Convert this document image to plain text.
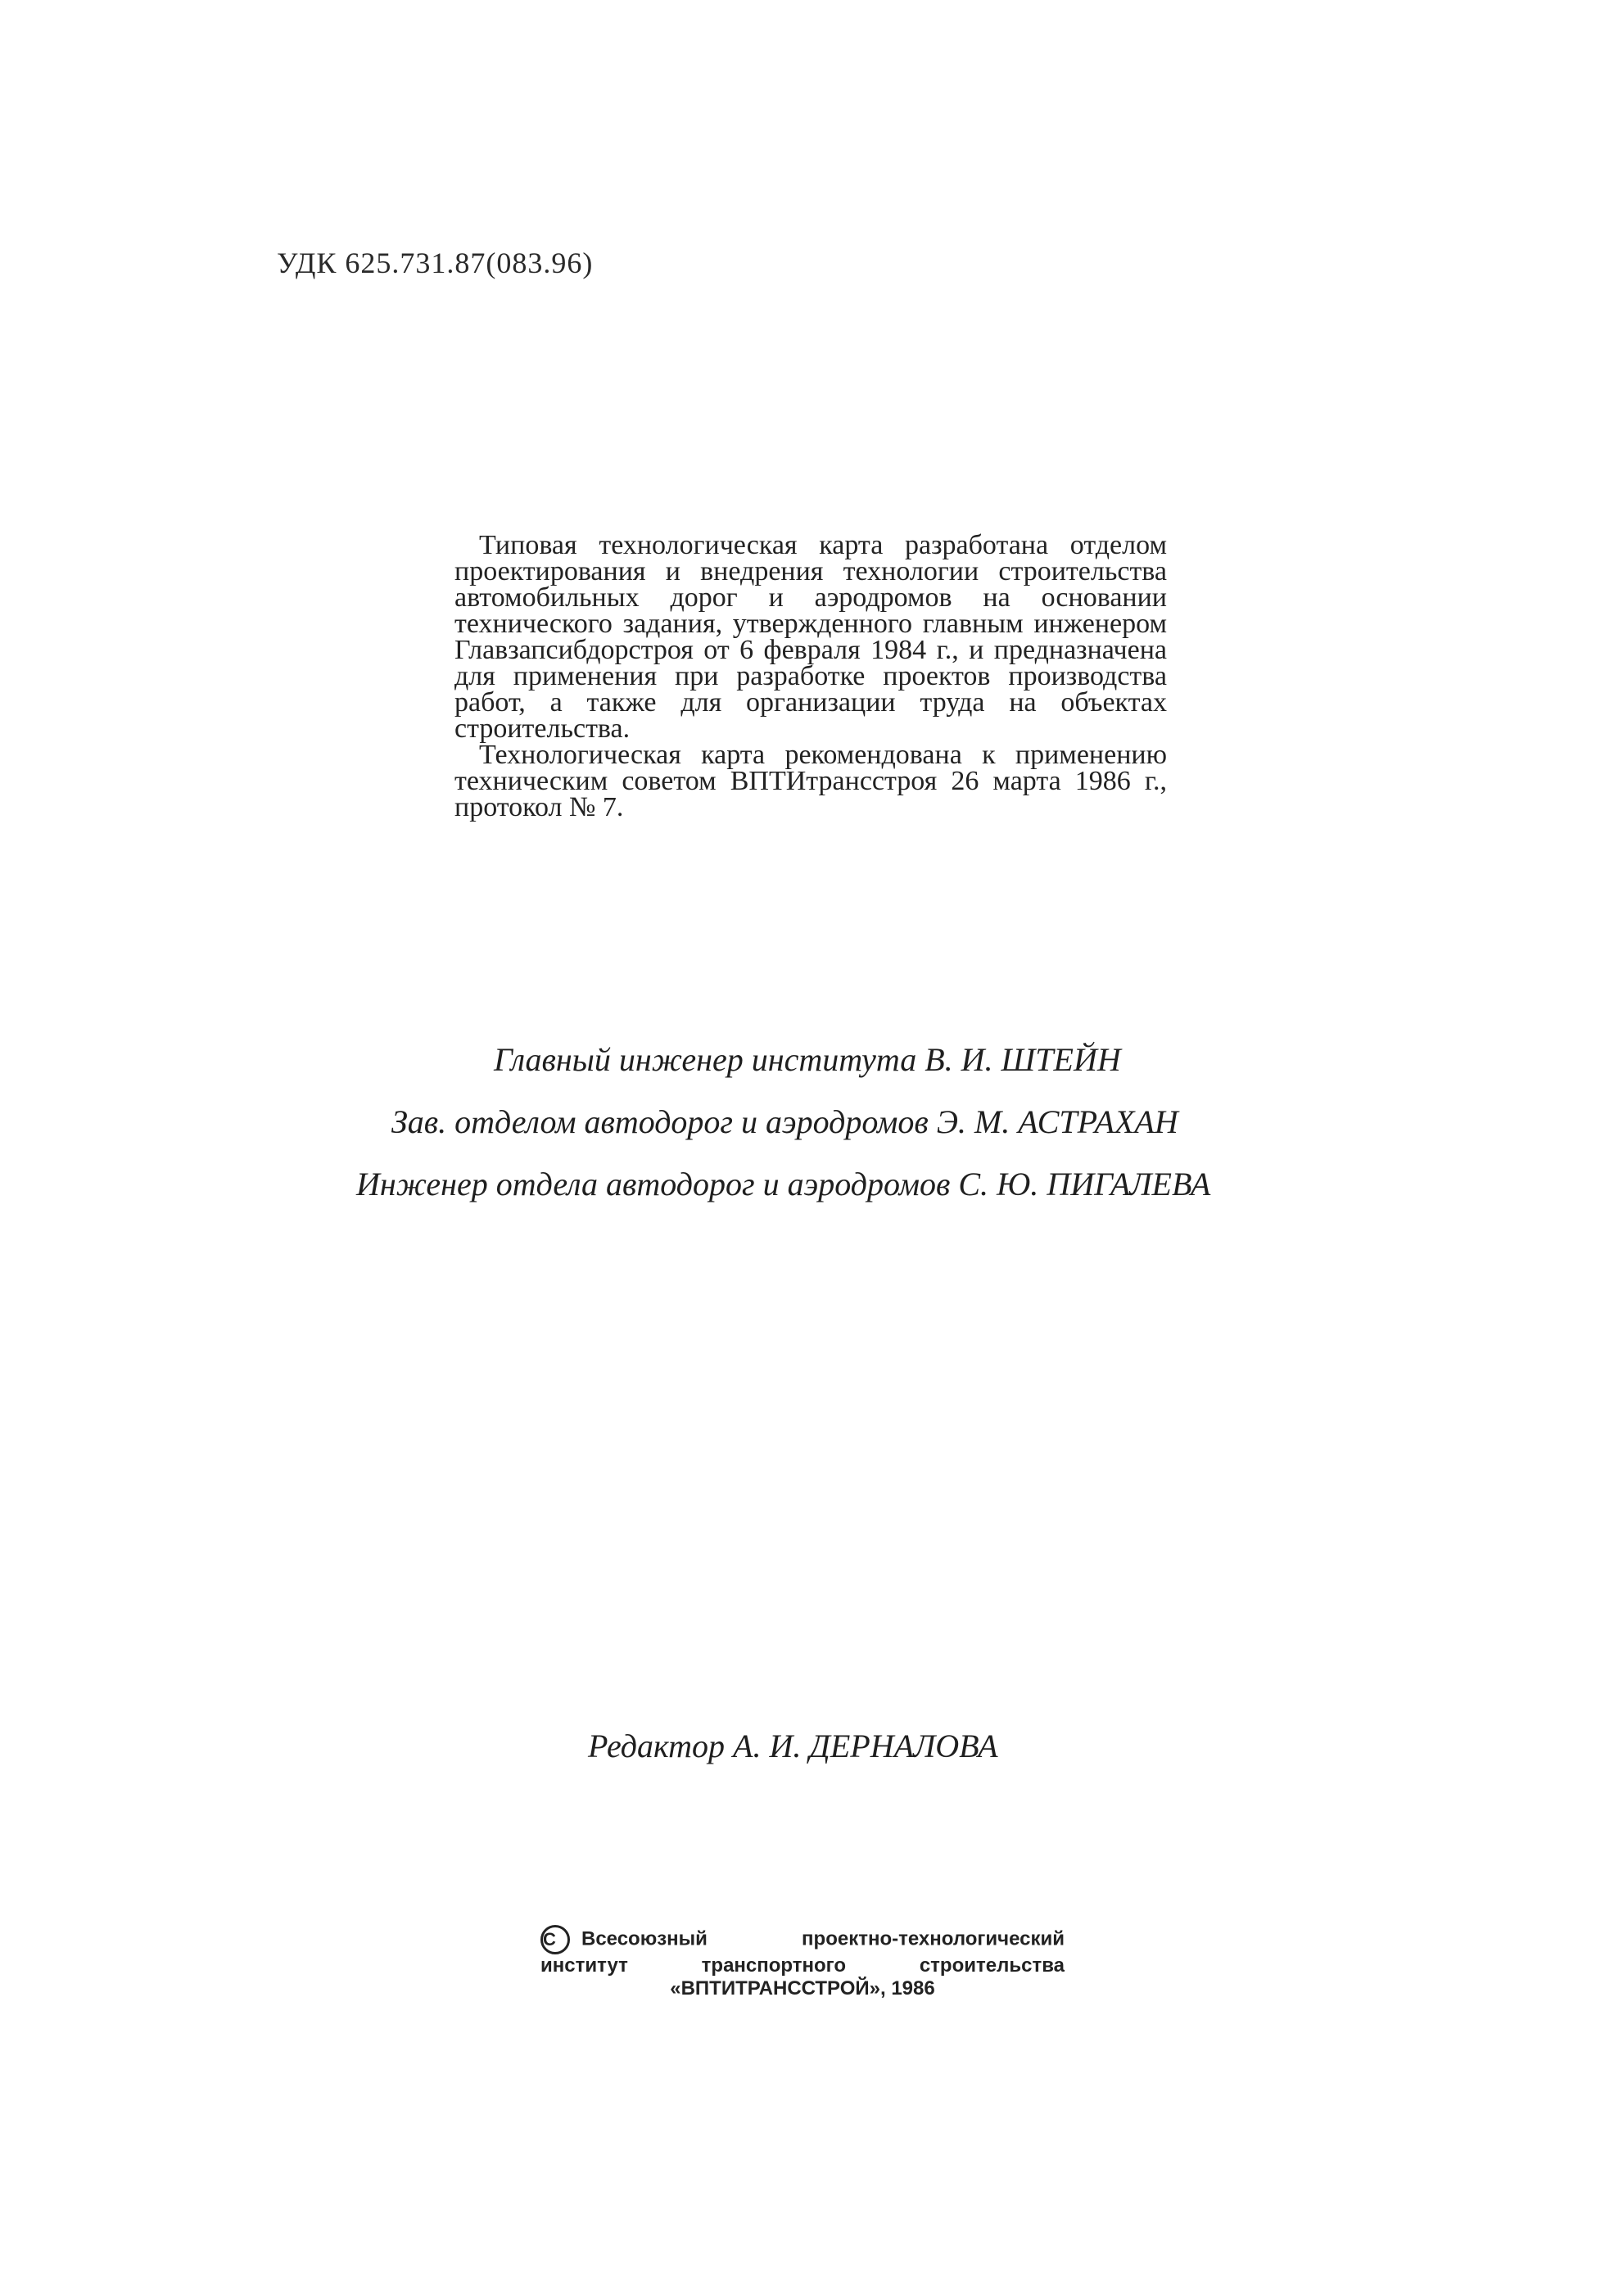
УДК 625.731.87(083.96)

Типовая технологическая карта разработана отделом проектирования и внедрения технологии строительства автомобильных дорог и аэродромов на основании технического задания, утвержденного главным инженером Главзапсибдорстроя от 6 февраля 1984 г., и предназначена для применения при разработке проектов производства работ, а также для организации труда на объектах строительства.

Технологическая карта рекомендована к применению техническим советом ВПТИтрансстроя 26 марта 1986 г., протокол № 7.

Главный инженер института В. И. ШТЕЙН
Зав. отделом автодорог и аэродромов Э. М. АСТРАХАН
Инженер отдела автодорог и аэродромов С. Ю. ПИГАЛЕВА
Редактор А. И. ДЕРНАЛОВА
C Всесоюзный проектно-технологический
институт транспортного строительства
«ВПТИТРАНССТРОЙ», 1986
